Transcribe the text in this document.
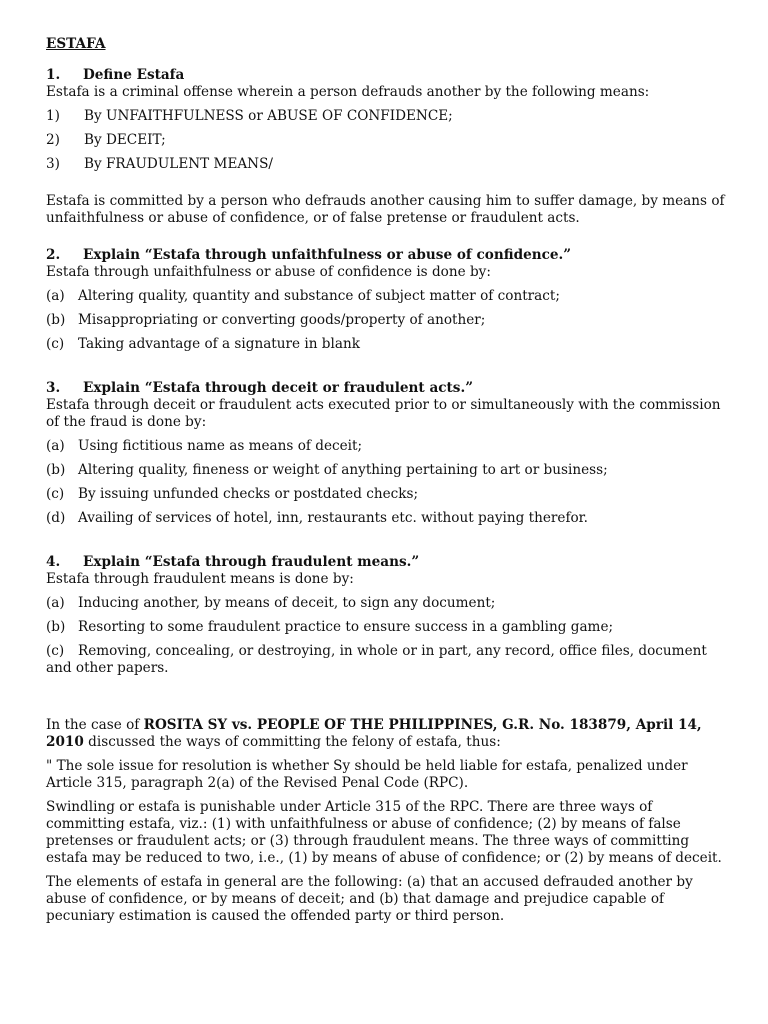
ESTAFA

1. Define Estafa

Estafa is a criminal offense wherein a person defrauds another by the following means:

1) By UNFAITHFULNESS or ABUSE OF CONFIDENCE;

2) By DECEIT;

3) By FRAUDULENT MEANS/

Estafa is committed by a person who defrauds another causing him to suffer damage, by means of unfaithfulness or abuse of confidence, or of false pretense or fraudulent acts.

2. Explain “Estafa through unfaithfulness or abuse of confidence.”

Estafa through unfaithfulness or abuse of confidence is done by:

(a) Altering quality, quantity and substance of subject matter of contract;

(b) Misappropriating or converting goods/property of another;

(c) Taking advantage of a signature in blank

3. Explain “Estafa through deceit or fraudulent acts.”

Estafa through deceit or fraudulent acts executed prior to or simultaneously with the commission of the fraud is done by:

(a) Using fictitious name as means of deceit;

(b) Altering quality, fineness or weight of anything pertaining to art or business;

(c) By issuing unfunded checks or postdated checks;

(d) Availing of services of hotel, inn, restaurants etc. without paying therefor.

4. Explain “Estafa through fraudulent means.”

Estafa through fraudulent means is done by:

(a) Inducing another, by means of deceit, to sign any document;

(b) Resorting to some fraudulent practice to ensure success in a gambling game;

(c) Removing, concealing, or destroying, in whole or in part, any record, office files, document and other papers.

In the case of ROSITA SY vs. PEOPLE OF THE PHILIPPINES, G.R. No. 183879, April 14, 2010 discussed the ways of committing the felony of estafa, thus:

" The sole issue for resolution is whether Sy should be held liable for estafa, penalized under Article 315, paragraph 2(a) of the Revised Penal Code (RPC).

Swindling or estafa is punishable under Article 315 of the RPC. There are three ways of committing estafa, viz.: (1) with unfaithfulness or abuse of confidence; (2) by means of false pretenses or fraudulent acts; or (3) through fraudulent means. The three ways of committing estafa may be reduced to two, i.e., (1) by means of abuse of confidence; or (2) by means of deceit.

The elements of estafa in general are the following: (a) that an accused defrauded another by abuse of confidence, or by means of deceit; and (b) that damage and prejudice capable of pecuniary estimation is caused the offended party or third person.
